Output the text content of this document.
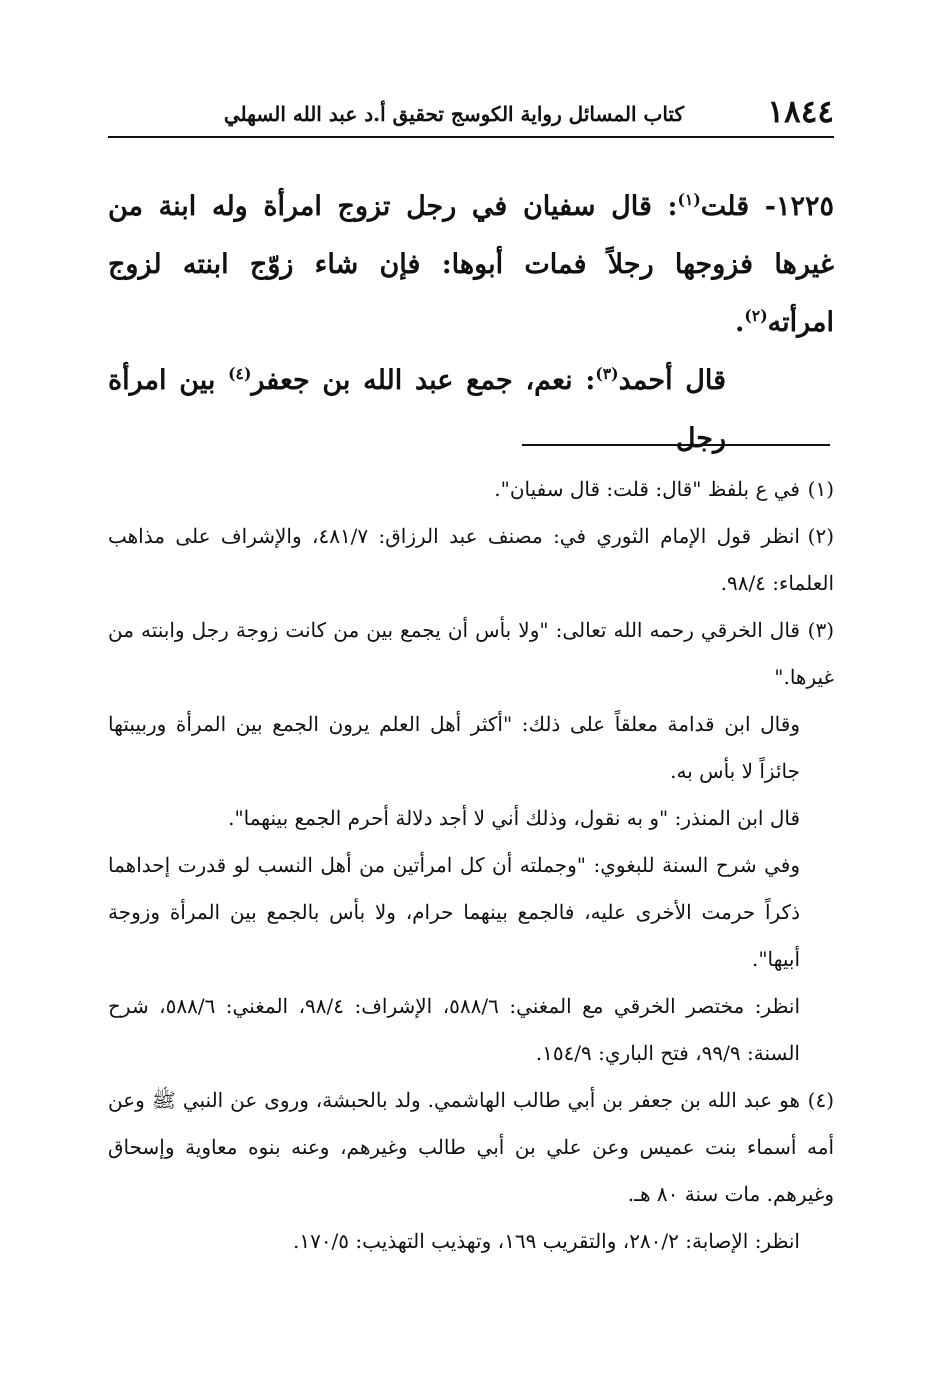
١٨٤٤
كتاب المسائل رواية الكوسج تحقيق أ.د عبد الله السهلي

١٢٢٥- قلت$^{(١)}$: قال سفيان في رجل تزوج امرأة وله ابنة من غيرها فزوجها رجلاً فمات أبوها: فإن شاء زوّج ابنته لزوج امرأته$^{(٢)}$.

قال أحمد$^{(٣)}$: نعم، جمع عبد الله بن جعفر$^{(٤)}$ بين امرأة رجل

(١)في ع بلفظ "قال: قلت: قال سفيان".

(٢)انظر قول الإمام الثوري في: مصنف عبد الرزاق: ٤٨١/٧، والإشراف على مذاهب العلماء: ٩٨/٤.

(٣)قال الخرقي رحمه الله تعالى: "ولا بأس أن يجمع بين من كانت زوجة رجل وابنته من غيرها."

وقال ابن قدامة معلقاً على ذلك: "أكثر أهل العلم يرون الجمع بين المرأة وربيبتها جائزاً لا بأس به.

قال ابن المنذر: "و به نقول، وذلك أني لا أجد دلالة أحرم الجمع بينهما".

وفي شرح السنة للبغوي: "وجملته أن كل امرأتين من أهل النسب لو قدرت إحداهما ذكراً حرمت الأخرى عليه، فالجمع بينهما حرام، ولا بأس بالجمع بين المرأة وزوجة أبيها".

انظر: مختصر الخرقي مع المغني: ٥٨٨/٦، الإشراف: ٩٨/٤، المغني: ٥٨٨/٦، شرح السنة: ٩٩/٩، فتح الباري: ١٥٤/٩.

(٤)هو عبد الله بن جعفر بن أبي طالب الهاشمي. ولد بالحبشة، وروى عن النبي ﷺ وعن أمه أسماء بنت عميس وعن علي بن أبي طالب وغيرهم، وعنه بنوه معاوية وإسحاق وغيرهم. مات سنة ٨٠ هـ.

انظر: الإصابة: ٢٨٠/٢، والتقريب ١٦٩، وتهذيب التهذيب: ١٧٠/٥.
